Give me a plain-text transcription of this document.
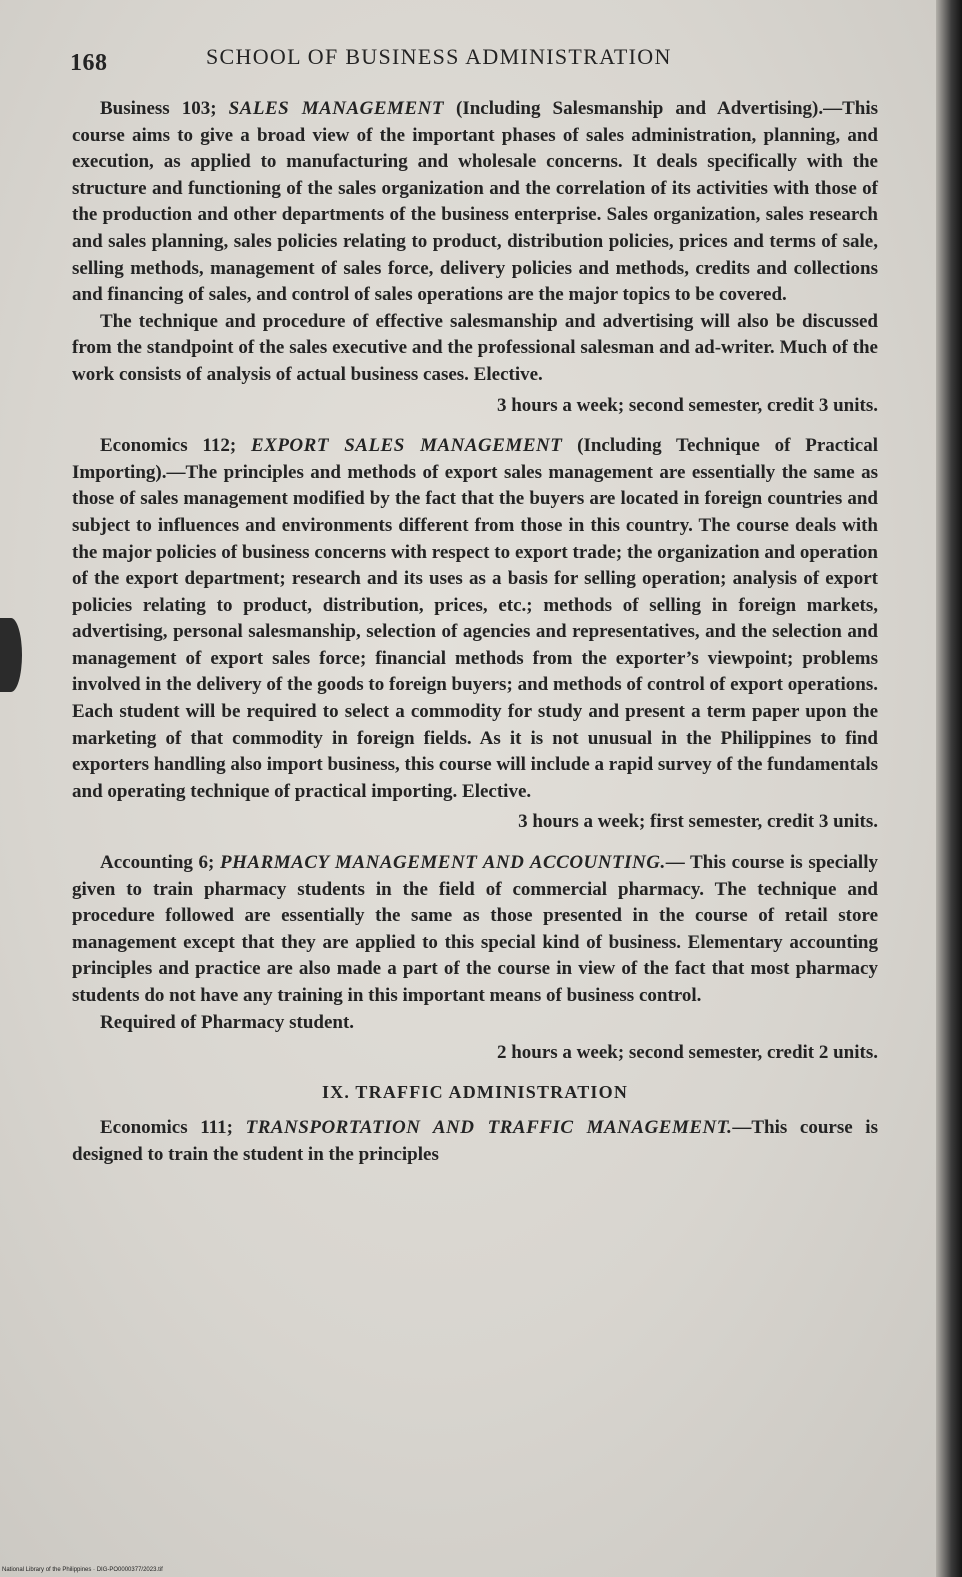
168	SCHOOL OF BUSINESS ADMINISTRATION

Business 103; SALES MANAGEMENT (Including Salesmanship and Advertising).—This course aims to give a broad view of the important phases of sales administration, planning, and execution, as applied to manufacturing and wholesale concerns. It deals specifically with the structure and functioning of the sales organization and the correlation of its activities with those of the production and other departments of the business enterprise. Sales organization, sales research and sales planning, sales policies relating to product, distribution policies, prices and terms of sale, selling methods, management of sales force, delivery policies and methods, credits and collections and financing of sales, and control of sales operations are the major topics to be covered.

The technique and procedure of effective salesmanship and advertising will also be discussed from the standpoint of the sales executive and the professional salesman and ad-writer. Much of the work consists of analysis of actual business cases. Elective.

3 hours a week; second semester, credit 3 units.

Economics 112; EXPORT SALES MANAGEMENT (Including Technique of Practical Importing).—The principles and methods of export sales management are essentially the same as those of sales management modified by the fact that the buyers are located in foreign countries and subject to influences and environments different from those in this country. The course deals with the major policies of business concerns with respect to export trade; the organization and operation of the export department; research and its uses as a basis for selling operation; analysis of export policies relating to product, distribution, prices, etc.; methods of selling in foreign markets, advertising, personal salesmanship, selection of agencies and representatives, and the selection and management of export sales force; financial methods from the exporter’s viewpoint; problems involved in the delivery of the goods to foreign buyers; and methods of control of export operations. Each student will be required to select a commodity for study and present a term paper upon the marketing of that commodity in foreign fields. As it is not unusual in the Philippines to find exporters handling also import business, this course will include a rapid survey of the fundamentals and operating technique of practical importing. Elective.

3 hours a week; first semester, credit 3 units.

Accounting 6; PHARMACY MANAGEMENT AND ACCOUNTING.— This course is specially given to train pharmacy students in the field of commercial pharmacy. The technique and procedure followed are essentially the same as those presented in the course of retail store management except that they are applied to this special kind of business. Elementary accounting principles and practice are also made a part of the course in view of the fact that most pharmacy students do not have any training in this important means of business control.

Required of Pharmacy student.

2 hours a week; second semester, credit 2 units.

IX. TRAFFIC ADMINISTRATION

Economics 111; TRANSPORTATION AND TRAFFIC MANAGEMENT.—This course is designed to train the student in the principles

National Library of the Philippines · DIG-PO0000377/2023.tif
